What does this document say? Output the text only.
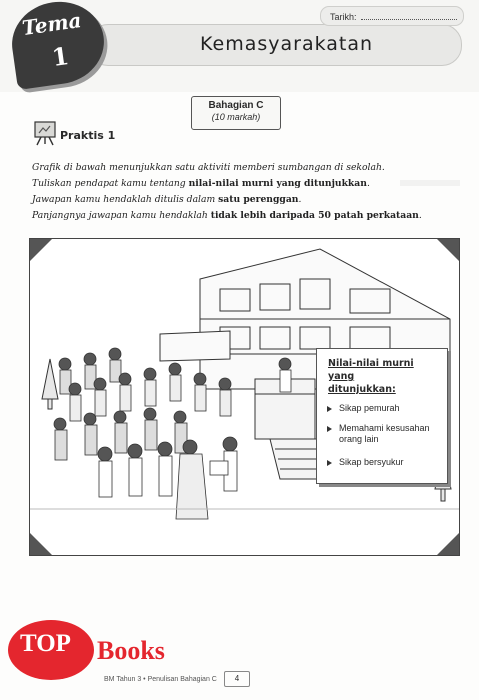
Kemasyarakatan
Tarikh:
Tema
1
Bahagian C
(10 markah)
Praktis 1
Grafik di bawah menunjukkan satu aktiviti memberi sumbangan di sekolah.
Tuliskan pendapat kamu tentang nilai-nilai murni yang ditunjukkan.
Jawapan kamu hendaklah ditulis dalam satu perenggan.
Panjangnya jawapan kamu hendaklah tidak lebih daripada 50 patah perkataan.
Nilai-nilai murni yang
ditunjukkan:
Sikap pemurah
Memahami kesusahan orang lain
Sikap bersyukur
TOP Books
BM Tahun 3 • Penulisan Bahagian C	4
